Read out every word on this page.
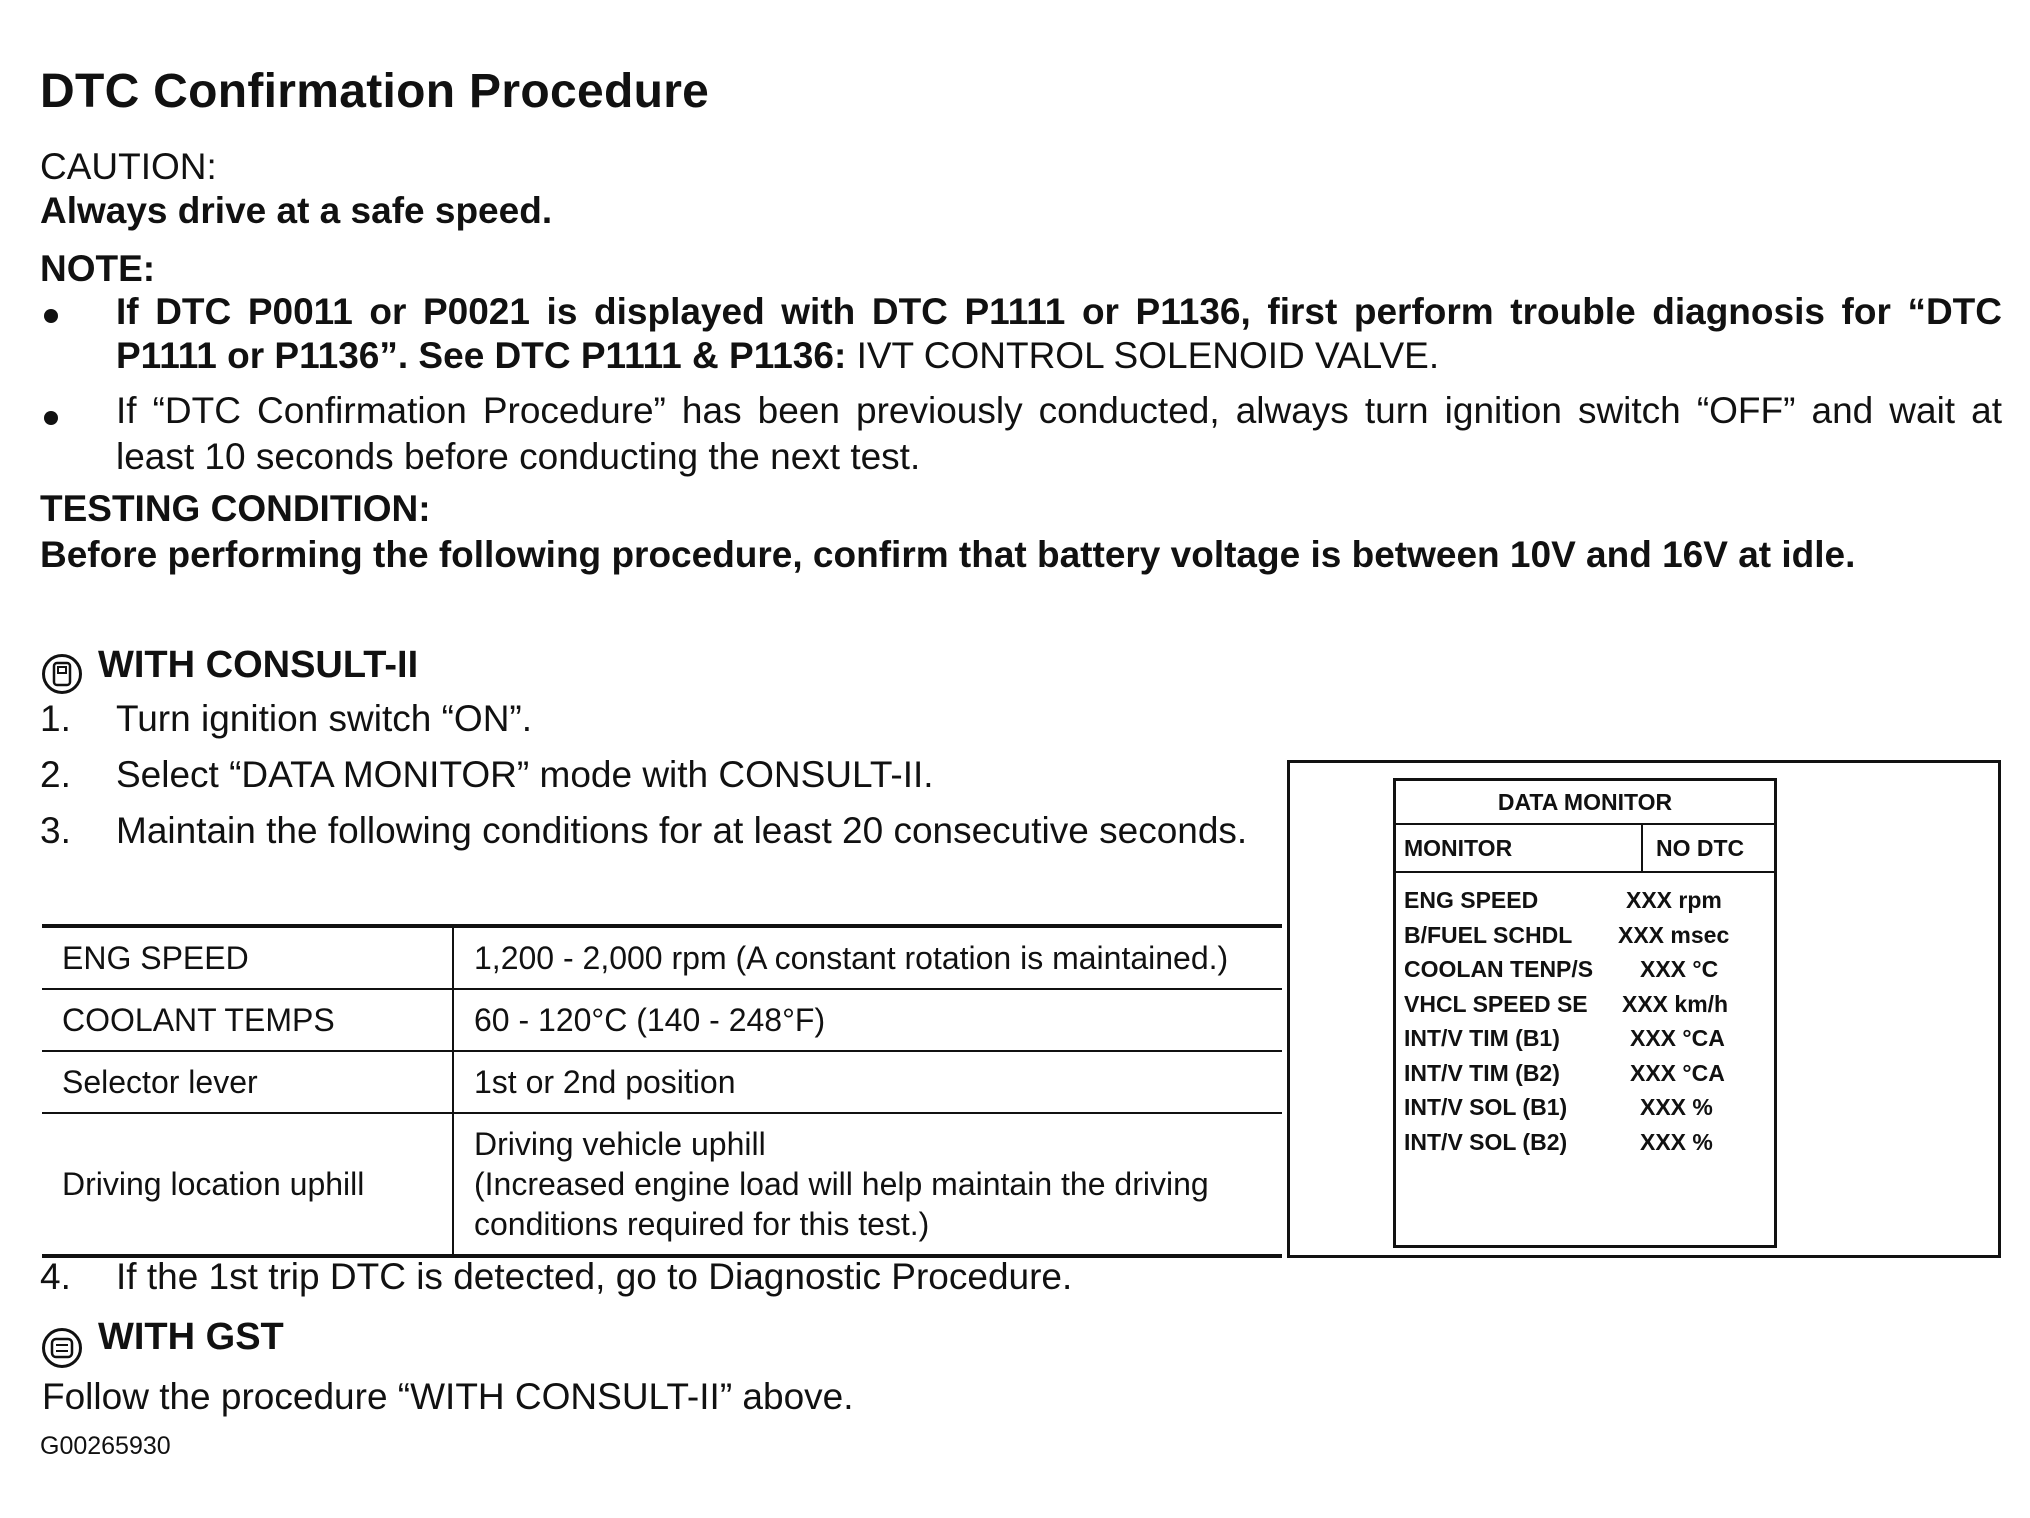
DTC Confirmation Procedure
CAUTION:
Always drive at a safe speed.
NOTE:
If DTC P0011 or P0021 is displayed with DTC P1111 or P1136, first perform trouble diagnosis for “DTC P1111 or P1136”. See DTC P1111 & P1136: IVT CONTROL SOLENOID VALVE.
If “DTC Confirmation Procedure” has been previously conducted, always turn ignition switch “OFF” and wait at least 10 seconds before conducting the next test.
TESTING CONDITION:
Before performing the following procedure, confirm that battery voltage is between 10V and 16V at idle.
WITH CONSULT-II
1. Turn ignition switch “ON”.
2. Select “DATA MONITOR” mode with CONSULT-II.
3. Maintain the following conditions for at least 20 consecutive seconds.
ENG SPEED	1,200 - 2,000 rpm (A constant rotation is maintained.)

COOLANT TEMPS	60 - 120°C (140 - 248°F)

Selector lever	1st or 2nd position

Driving location uphill	Driving vehicle uphill
(Increased engine load will help maintain the driving
conditions required for this test.)
4. If the 1st trip DTC is detected, go to Diagnostic Procedure.
DATA MONITOR
MONITOR	NO DTC
ENG SPEED	XXX rpm
B/FUEL SCHDL XXX msec
COOLAN TENP/S XXX °C
VHCL SPEED SE XXX km/h
INT/V TIM (B1)	XXX °CA
INT/V TIM (B2)	XXX °CA
INT/V SOL (B1)	XXX %
INT/V SOL (B2)	XXX %
WITH GST
Follow the procedure “WITH CONSULT-II” above.
G00265930
